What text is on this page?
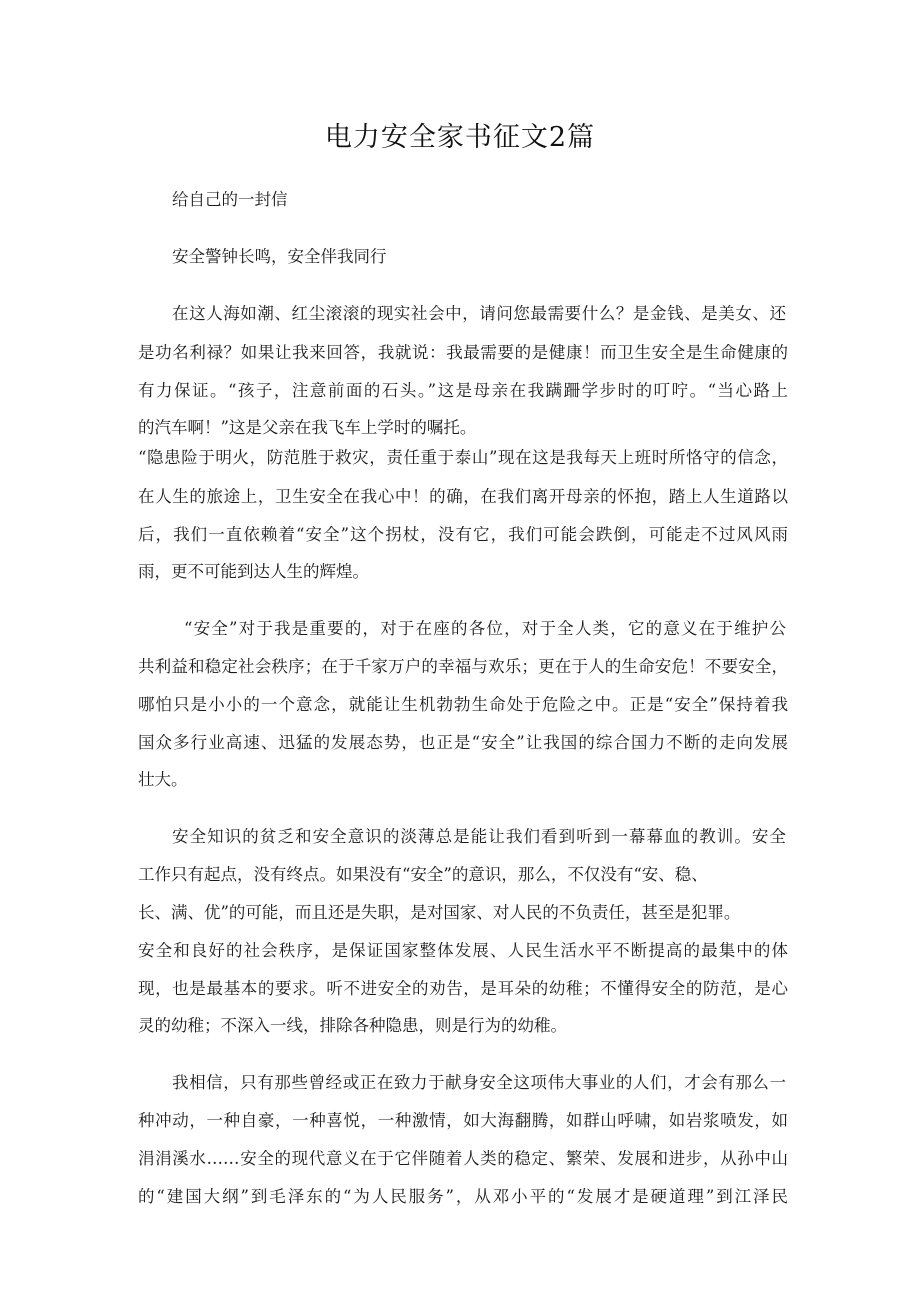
电力安全家书征文2篇
给自己的一封信
安全警钟长鸣，安全伴我同行
在这人海如潮、红尘滚滚的现实社会中，请问您最需要什么？是金钱、是美女、还
是功名利禄？如果让我来回答，我就说：我最需要的是健康！而卫生安全是生命健康的
有力保证。“孩子，注意前面的石头。”这是母亲在我蹒跚学步时的叮咛。“当心路上
的汽车啊！”这是父亲在我飞车上学时的嘱托。
“隐患险于明火，防范胜于救灾，责任重于泰山”现在这是我每天上班时所恪守的信念，
在人生的旅途上，卫生安全在我心中！的确，在我们离开母亲的怀抱，踏上人生道路以
后，我们一直依赖着“安全”这个拐杖，没有它，我们可能会跌倒，可能走不过风风雨
雨，更不可能到达人生的辉煌。
“安全”对于我是重要的，对于在座的各位，对于全人类，它的意义在于维护公
共利益和稳定社会秩序；在于千家万户的幸福与欢乐；更在于人的生命安危！不要安全，
哪怕只是小小的一个意念，就能让生机勃勃生命处于危险之中。正是“安全”保持着我
国众多行业高速、迅猛的发展态势，也正是“安全”让我国的综合国力不断的走向发展
壮大。
安全知识的贫乏和安全意识的淡薄总是能让我们看到听到一幕幕血的教训。安全
工作只有起点，没有终点。如果没有“安全”的意识，那么，不仅没有“安、稳、
长、满、优”的可能，而且还是失职，是对国家、对人民的不负责任，甚至是犯罪。
安全和良好的社会秩序，是保证国家整体发展、人民生活水平不断提高的最集中的体
现，也是最基本的要求。听不进安全的劝告，是耳朵的幼稚；不懂得安全的防范，是心
灵的幼稚；不深入一线，排除各种隐患，则是行为的幼稚。
我相信，只有那些曾经或正在致力于献身安全这项伟大事业的人们，才会有那么一
种冲动，一种自豪，一种喜悦，一种激情，如大海翻腾，如群山呼啸，如岩浆喷发，如
涓涓溪水……安全的现代意义在于它伴随着人类的稳定、繁荣、发展和进步，从孙中山
的“建国大纲”到毛泽东的“为人民服务”，从邓小平的“发展才是硬道理”到江泽民
